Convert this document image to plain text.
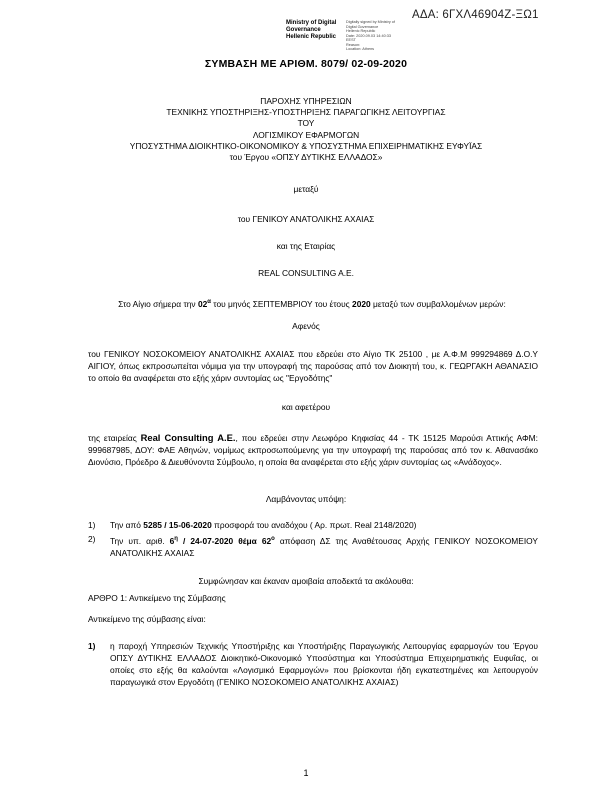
ΑΔΑ: 6ΓΧΛ46904Ζ-ΞΩ1
Ministry of Digital
Governance
Hellenic Republic
Digitally signed by Ministry of
Digital Governance
Hellenic Republic
Date: 2020.09.03 14:40:33
EEST
Reason:
Location: Athens
ΣΥΜΒΑΣΗ ΜΕ ΑΡΙΘΜ. 8079/ 02-09-2020
ΠΑΡΟΧΗΣ ΥΠΗΡΕΣΙΩΝ
ΤΕΧΝΙΚΗΣ ΥΠΟΣΤΗΡΙΞΗΣ-ΥΠΟΣΤΗΡΙΞΗΣ ΠΑΡΑΓΩΓΙΚΗΣ ΛΕΙΤΟΥΡΓΙΑΣ
ΤΟΥ
ΛΟΓΙΣΜΙΚΟΥ ΕΦΑΡΜΟΓΩΝ
ΥΠΟΣΥΣΤΗΜΑ ΔΙΟΙΚΗΤΙΚΟ-ΟΙΚΟΝΟΜΙΚΟΥ & ΥΠΟΣΥΣΤΗΜΑ ΕΠΙΧΕΙΡΗΜΑΤΙΚΗΣ ΕΥΦΥΪΑΣ
του Έργου «ΟΠΣΥ ΔΥΤΙΚΗΣ ΕΛΛΑΔΟΣ»
μεταξύ
του ΓΕΝΙΚΟΥ ΑΝΑΤΟΛΙΚΗΣ ΑΧΑΙΑΣ
και της Εταιρίας
REAL CONSULTING A.E.
Στο Αίγιο σήμερα την $02^\alpha$ του μηνός ΣΕΠΤΕΜΒΡΙΟΥ του έτους 2020 μεταξύ των συμβαλλομένων μερών:
Αφενός
του ΓΕΝΙΚΟΥ ΝΟΣΟΚΟΜΕΙΟΥ ΑΝΑΤΟΛΙΚΗΣ ΑΧΑΙΑΣ που εδρεύει στο Αίγιο ΤΚ 25100 , με Α.Φ.Μ 999294869 Δ.Ο.Υ ΑΙΓΙΟΥ, όπως εκπροσωπείται νόμιμα για την υπογραφή της παρούσας από τον Διοικητή του, κ. ΓΕΩΡΓΑΚΗ ΑΘΑΝΑΣΙΟ το οποίο θα αναφέρεται στο εξής χάριν συντομίας ως "Εργοδότης"
και αφετέρου
της εταιρείας Real Consulting A.E., που εδρεύει στην Λεωφόρο Κηφισίας 44 - ΤΚ 15125 Μαρούσι Αττικής ΑΦΜ: 999687985, ΔΟΥ: ΦΑΕ Αθηνών, νομίμως εκπροσωπούμενης για την υπογραφή της παρούσας από τον κ. Αθανασάκο Διονύσιο, Πρόεδρο & Διευθύνοντα Σύμβουλο, η οποία θα αναφέρεται στο εξής χάριν συντομίας ως «Ανάδοχος».
Λαμβάνοντας υπόψη:
1) Την από 5285 / 15-06-2020 προσφορά του αναδόχου ( Αρ. πρωτ. Real 2148/2020)
2) Την υπ. αριθ. $6^\eta / 24-07-2020$ θέμα $62^o$ απόφαση ΔΣ της Αναθέτουσας Αρχής ΓΕΝΙΚΟΥ ΝΟΣΟΚΟΜΕΙΟΥ ΑΝΑΤΟΛΙΚΗΣ ΑΧΑΙΑΣ
Συμφώνησαν και έκαναν αμοιβαία αποδεκτά τα ακόλουθα:
ΑΡΘΡΟ 1: Αντικείμενο της Σύμβασης
Αντικείμενο της σύμβασης είναι:
1) η παροχή Υπηρεσιών Τεχνικής Υποστήριξης και Υποστήριξης Παραγωγικής Λειτουργίας εφαρμογών του Έργου ΟΠΣΥ ΔΥΤΙΚΗΣ ΕΛΛΑΔΟΣ Διοικητικό-Οικονομικό Υποσύστημα και Υποσύστημα Επιχειρηματικής Ευφυΐας, οι οποίες στο εξής θα καλούνται «Λογισμικό Εφαρμογών» που βρίσκονται ήδη εγκατεστημένες και λειτουργούν παραγωγικά στον Εργοδότη (ΓΕΝΙΚΟ ΝΟΣΟΚΟΜΕΙΟ ΑΝΑΤΟΛΙΚΗΣ ΑΧΑΙΑΣ)
1
